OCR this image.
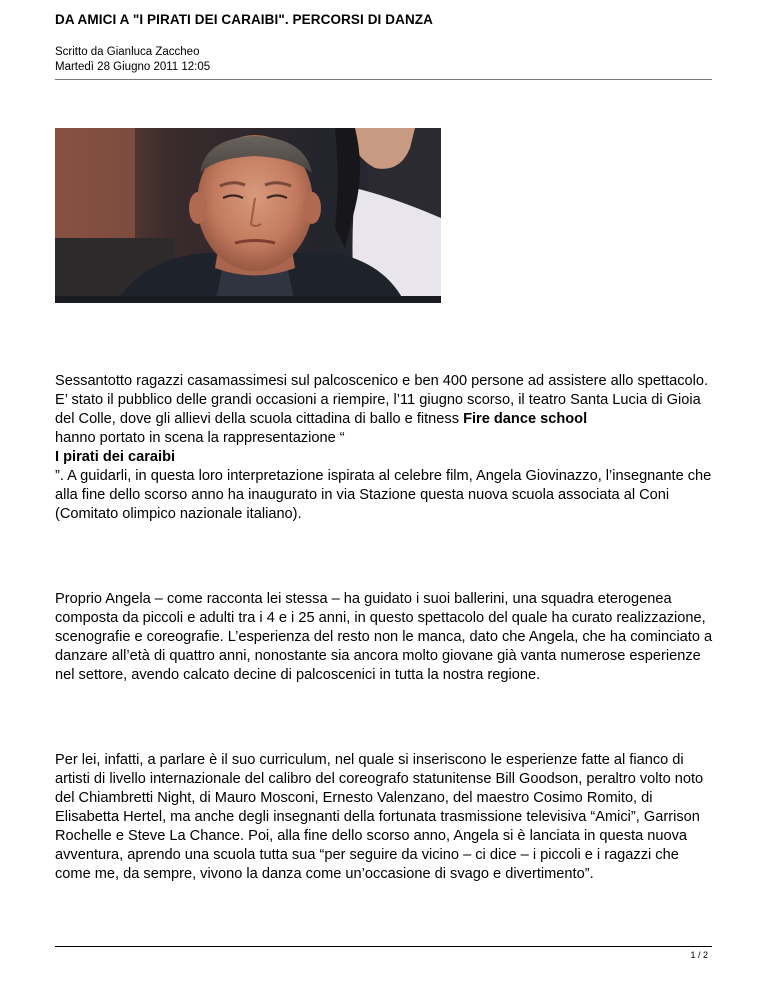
DA AMICI A "I PIRATI DEI CARAIBI". PERCORSI DI DANZA
Scritto da Gianluca Zaccheo
Martedì 28 Giugno 2011 12:05

Sessantotto ragazzi casamassimesi sul palcoscenico e ben 400 persone ad assistere allo spettacolo. E’ stato il pubblico delle grandi occasioni a riempire, l’11 giugno scorso, il teatro Santa Lucia di Gioia del Colle, dove gli allievi della scuola cittadina di ballo e fitness Fire dance school
hanno portato in scena la rappresentazione “
I pirati dei caraibi
”. A guidarli, in questa loro interpretazione ispirata al celebre film, Angela Giovinazzo, l’insegnante che alla fine dello scorso anno ha inaugurato in via Stazione questa nuova scuola associata al Coni (Comitato olimpico nazionale italiano).

Proprio Angela – come racconta lei stessa – ha guidato i suoi ballerini, una squadra eterogenea composta da piccoli e adulti tra i 4 e i 25 anni, in questo spettacolo del quale ha curato realizzazione, scenografie e coreografie. L’esperienza del resto non le manca, dato che Angela, che ha cominciato a danzare all’età di quattro anni, nonostante sia ancora molto giovane già vanta numerose esperienze nel settore, avendo calcato decine di palcoscenici in tutta la nostra regione.

Per lei, infatti, a parlare è il suo curriculum, nel quale si inseriscono le esperienze fatte al fianco di artisti di livello internazionale del calibro del coreografo statunitense Bill Goodson, peraltro volto noto del Chiambretti Night, di Mauro Mosconi, Ernesto Valenzano, del maestro Cosimo Romito, di Elisabetta Hertel, ma anche degli insegnanti della fortunata trasmissione televisiva “Amici”, Garrison Rochelle e Steve La Chance. Poi, alla fine dello scorso anno, Angela si è lanciata in questa nuova avventura, aprendo una scuola tutta sua “per seguire da vicino – ci dice – i piccoli e i ragazzi che come me, da sempre, vivono la danza come un’occasione di svago e divertimento”.

1 / 2
